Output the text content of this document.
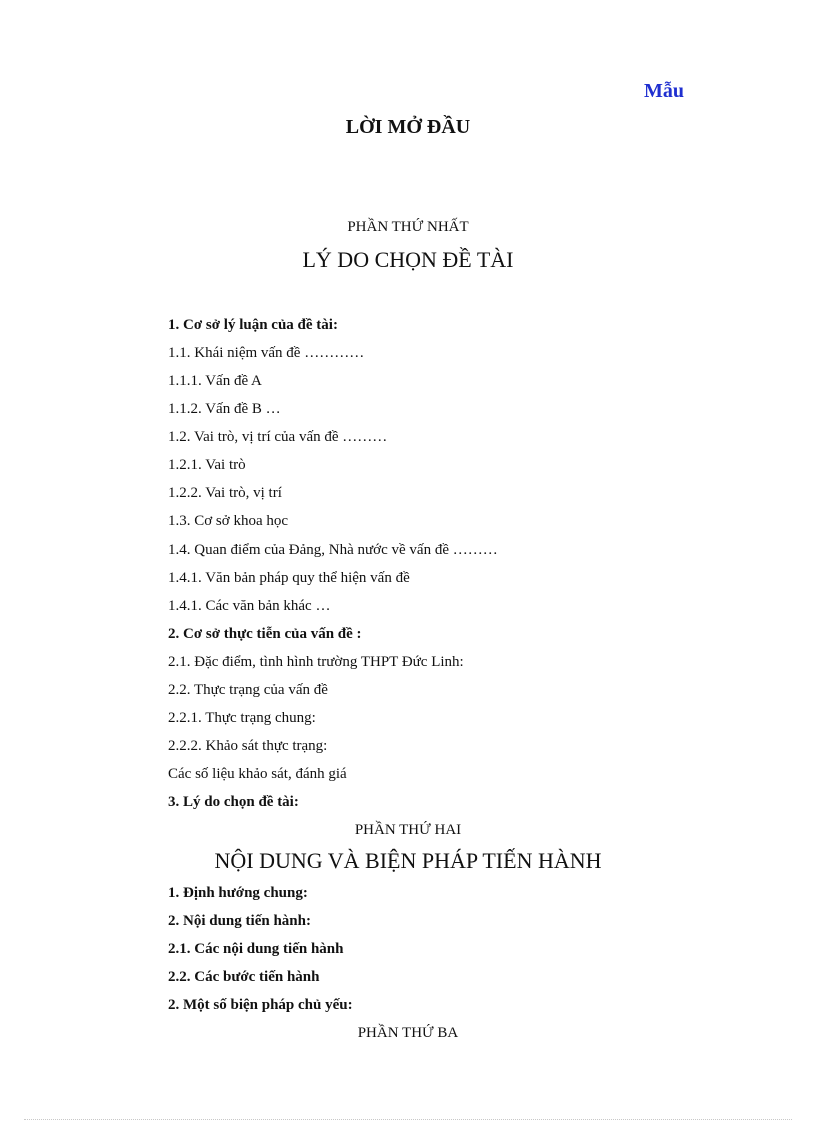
Mẫu
LỜI MỞ ĐẦU
PHẦN THỨ NHẤT
LÝ DO CHỌN ĐỀ TÀI
1. Cơ sở lý luận của đề tài:
1.1. Khái niệm vấn đề …………
1.1.1. Vấn đề A
1.1.2. Vấn đề B …
1.2. Vai trò, vị trí của vấn đề ………
1.2.1. Vai trò
1.2.2. Vai trò, vị trí
1.3. Cơ sở khoa học
1.4. Quan điểm của Đảng, Nhà nước về vấn đề ………
1.4.1. Văn bản pháp quy thể hiện vấn đề
1.4.1. Các văn bản khác …
2. Cơ sở thực tiễn của vấn đề :
2.1. Đặc điểm, tình hình trường THPT Đức Linh:
2.2. Thực trạng của vấn đề
2.2.1. Thực trạng chung:
2.2.2. Khảo sát thực trạng:
Các số liệu khảo sát, đánh giá
3. Lý do chọn đề tài:
PHẦN THỨ HAI
NỘI DUNG VÀ BIỆN PHÁP TIẾN HÀNH
1. Định hướng chung:
2. Nội dung tiến hành:
2.1. Các nội dung tiến hành
2.2. Các bước tiến hành
2. Một số biện pháp chủ yếu:
PHẦN THỨ BA
